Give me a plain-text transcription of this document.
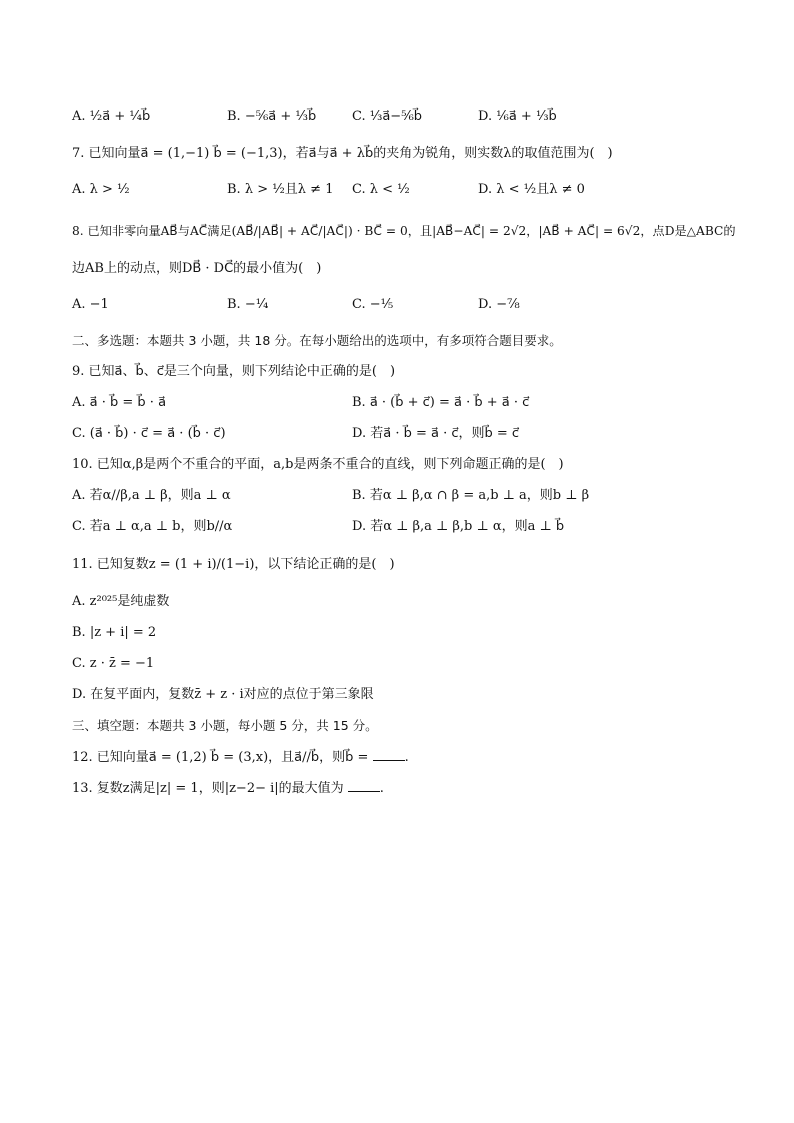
A. ¹⁄₂a⃗ + ¹⁄₄b⃗	B. −⁵⁄₆a⃗ + ¹⁄₃b⃗	C. ¹⁄₃a⃗−⁵⁄₆b⃗	D. ¹⁄₆a⃗ + ¹⁄₃b⃗
7. 已知向量a⃗ = (1,−1) b⃗ = (−1,3)，若a⃗与a⃗ + λb⃗的夹角为锐角，则实数λ的取值范围为(　)
A. λ > ¹⁄₂	B. λ > ¹⁄₂且λ ≠ 1 C. λ < ¹⁄₂	D. λ < ¹⁄₂且λ ≠ 0
8. 已知非零向量AB⃗与AC⃗满足(AB⃗/|AB⃗| + AC⃗/|AC⃗|) · BC⃗ = 0，且|AB⃗−AC⃗| = 2√2，|AB⃗ + AC⃗| = 6√2，点D是△ABC的
边AB上的动点，则DB⃗ · DC⃗的最小值为(　)
A. −1	B. −¹⁄₄	C. −¹⁄₅	D. −⁷⁄₈
二、多选题：本题共 3 小题，共 18 分。在每小题给出的选项中，有多项符合题目要求。
9. 已知a⃗、b⃗、c⃗是三个向量，则下列结论中正确的是(　)
A. a⃗ · b⃗ = b⃗ · a⃗	B. a⃗ · (b⃗ + c⃗) = a⃗ · b⃗ + a⃗ · c⃗
C. (a⃗ · b⃗) · c⃗ = a⃗ · (b⃗ · c⃗)	D. 若a⃗ · b⃗ = a⃗ · c⃗，则b⃗ = c⃗
10. 已知α,β是两个不重合的平面，a,b是两条不重合的直线，则下列命题正确的是(　)
A. 若α//β,a ⊥ β，则a ⊥ α	B. 若α ⊥ β,α ∩ β = a,b ⊥ a，则b ⊥ β
C. 若a ⊥ α,a ⊥ b，则b//α	D. 若α ⊥ β,a ⊥ β,b ⊥ α，则a ⊥ b⃗
11. 已知复数z = (1 + i)/(1−i)，以下结论正确的是(　)
A. z²⁰²⁵是纯虚数
B. |z + i| = 2
C. z · z̄ = −1
D. 在复平面内，复数z̄ + z · i对应的点位于第三象限
三、填空题：本题共 3 小题，每小题 5 分，共 15 分。
12. 已知向量a⃗ = (1,2) b⃗ = (3,x)，且a⃗//b⃗，则b⃗ =	.
13. 复数z满足|z| = 1，则|z−2− i|的最大值为	.
